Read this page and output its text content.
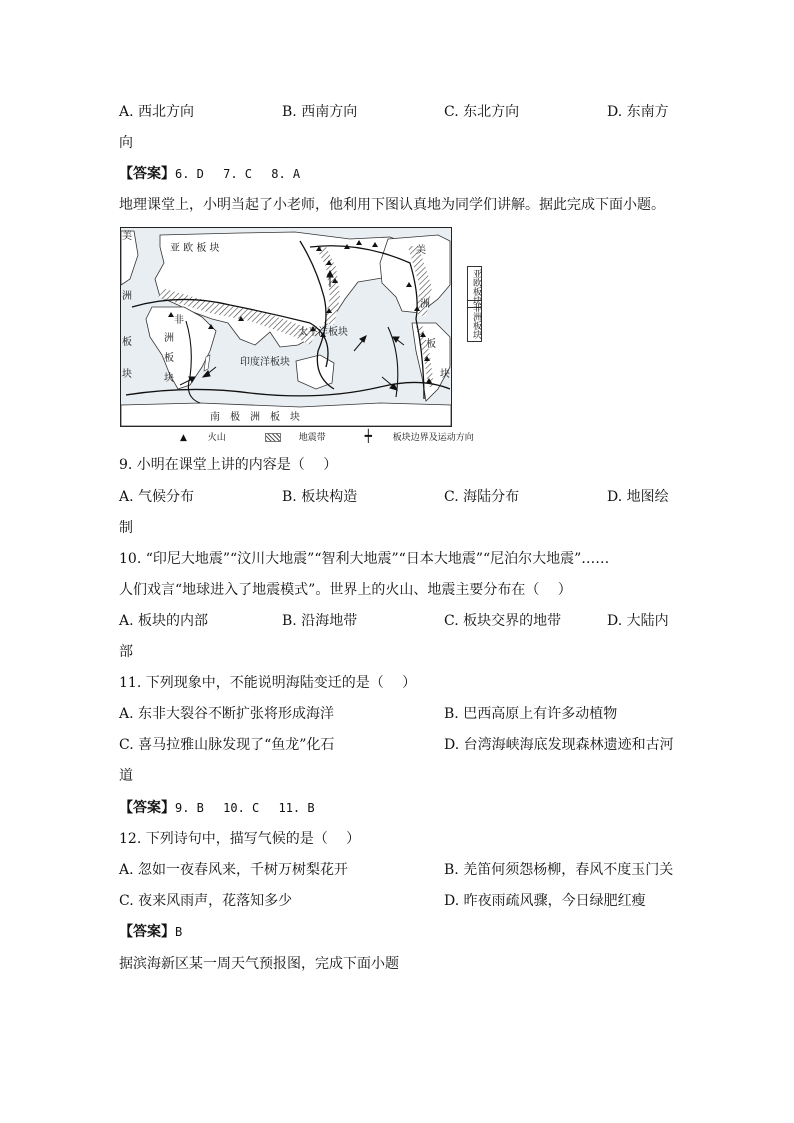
A. 西北方向	B. 西南方向	C. 东北方向	D. 东南方
向
【答案】6. D　 7. C　 8. A
地理课堂上，小明当起了小老师，他利用下图认真地为同学们讲解。据此完成下面小题。
亚 欧 板 块
太平洋板块
印度洋板块
南　极　洲　板　块
非
洲
板
块
美
洲
板
块
美
洲
板
块
亚欧板块
非洲板块
▲ 火山	地震带	┿ 板块边界及运动方向
9. 小明在课堂上讲的内容是（　 ）
A. 气候分布	B. 板块构造	C. 海陆分布	D. 地图绘
制
10. “印尼大地震”“汶川大地震”“智利大地震”“日本大地震”“尼泊尔大地震”……
人们戏言“地球进入了地震模式”。世界上的火山、地震主要分布在（　 ）
A. 板块的内部	B. 沿海地带	C. 板块交界的地带	D. 大陆内
部
11. 下列现象中，不能说明海陆变迁的是（　 ）
A. 东非大裂谷不断扩张将形成海洋	B. 巴西高原上有许多动植物
C. 喜马拉雅山脉发现了“鱼龙”化石	D. 台湾海峡海底发现森林遗迹和古河
道
【答案】9. B　 10. C　 11. B
12. 下列诗句中，描写气候的是（　 ）
A. 忽如一夜春风来，千树万树梨花开	B. 羌笛何须怨杨柳，春风不度玉门关
C. 夜来风雨声，花落知多少	D. 昨夜雨疏风骤，今日绿肥红瘦
【答案】B
据滨海新区某一周天气预报图，完成下面小题
